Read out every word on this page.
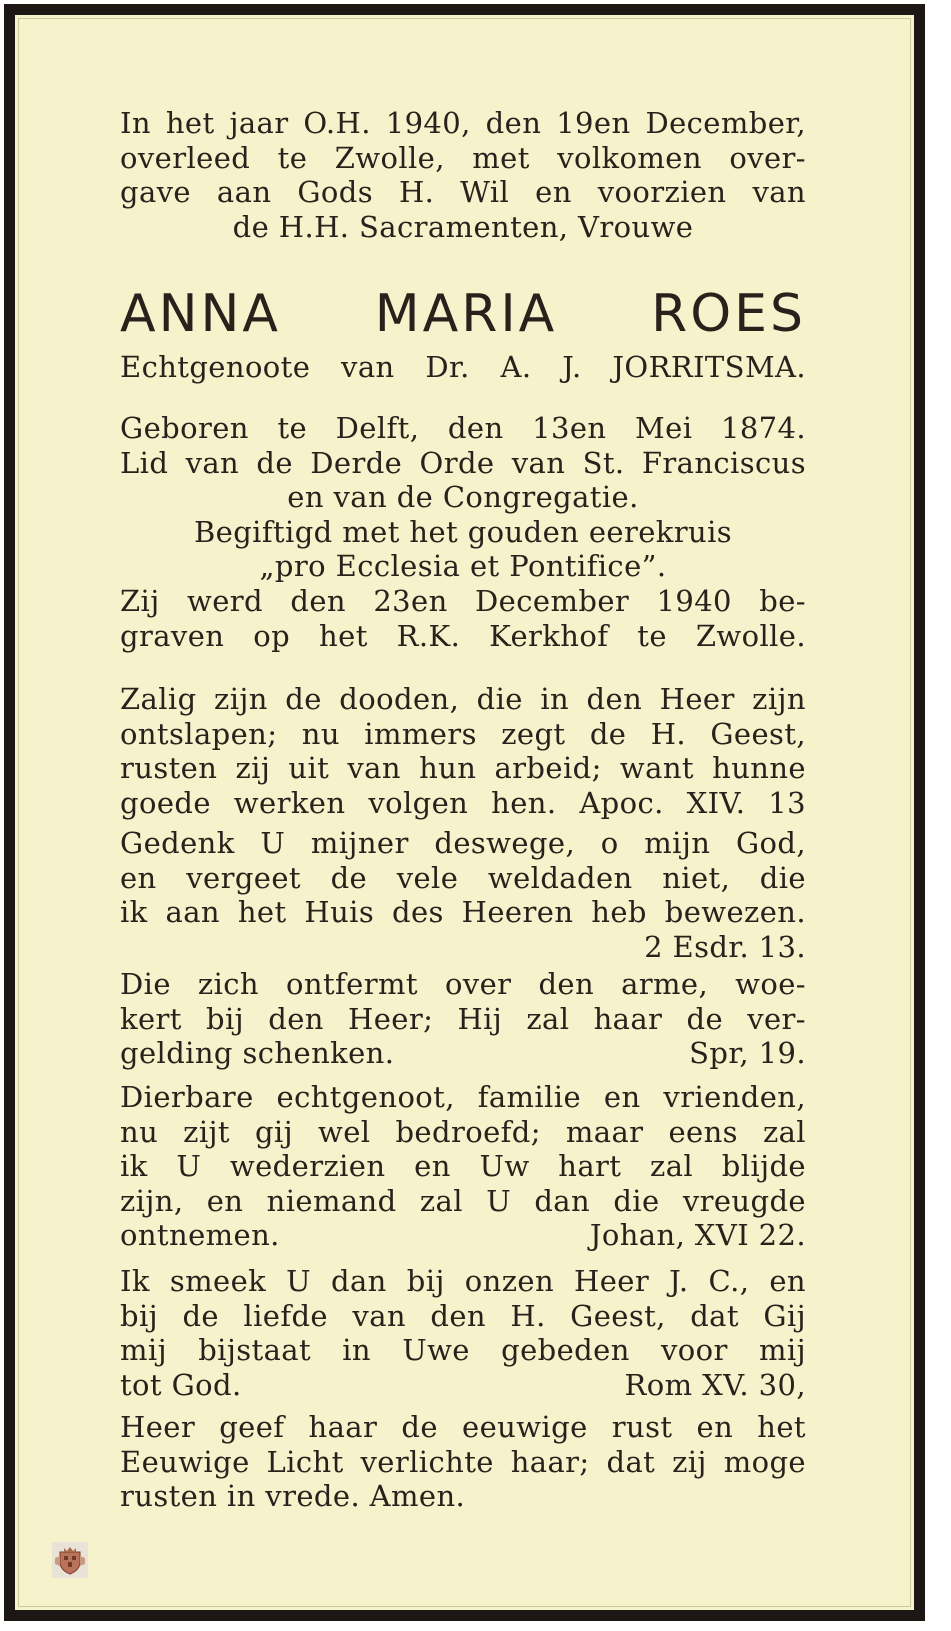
In het jaar O.H. 1940, den 19en December,
overleed te Zwolle, met volkomen over-
gave aan Gods H. Wil en voorzien van
de H.H. Sacramenten, Vrouwe
ANNA MARIA ROES
Echtgenoote van Dr. A. J. JORRITSMA.
Geboren te Delft, den 13en Mei 1874.
Lid van de Derde Orde van St. Franciscus
en van de Congregatie.
Begiftigd met het gouden eerekruis
„pro Ecclesia et Pontifice”.
Zij werd den 23en December 1940 be-
graven op het R.K. Kerkhof te Zwolle.
Zalig zijn de dooden, die in den Heer zijn
ontslapen; nu immers zegt de H. Geest,
rusten zij uit van hun arbeid; want hunne
goede werken volgen hen. Apoc. XIV. 13
Gedenk U mijner deswege, o mijn God,
en vergeet de vele weldaden niet, die
ik aan het Huis des Heeren heb bewezen.
2 Esdr. 13.
Die zich ontfermt over den arme, woe-
kert bij den Heer; Hij zal haar de ver-
gelding schenken.	Spr, 19.
Dierbare echtgenoot, familie en vrienden,
nu zijt gij wel bedroefd; maar eens zal
ik U wederzien en Uw hart zal blijde
zijn, en niemand zal U dan die vreugde
ontnemen.	Johan, XVI 22.
Ik smeek U dan bij onzen Heer J. C., en
bij de liefde van den H. Geest, dat Gij
mij bijstaat in Uwe gebeden voor mij
tot God.	Rom XV. 30,
Heer geef haar de eeuwige rust en het
Eeuwige Licht verlichte haar; dat zij moge
rusten in vrede. Amen.
